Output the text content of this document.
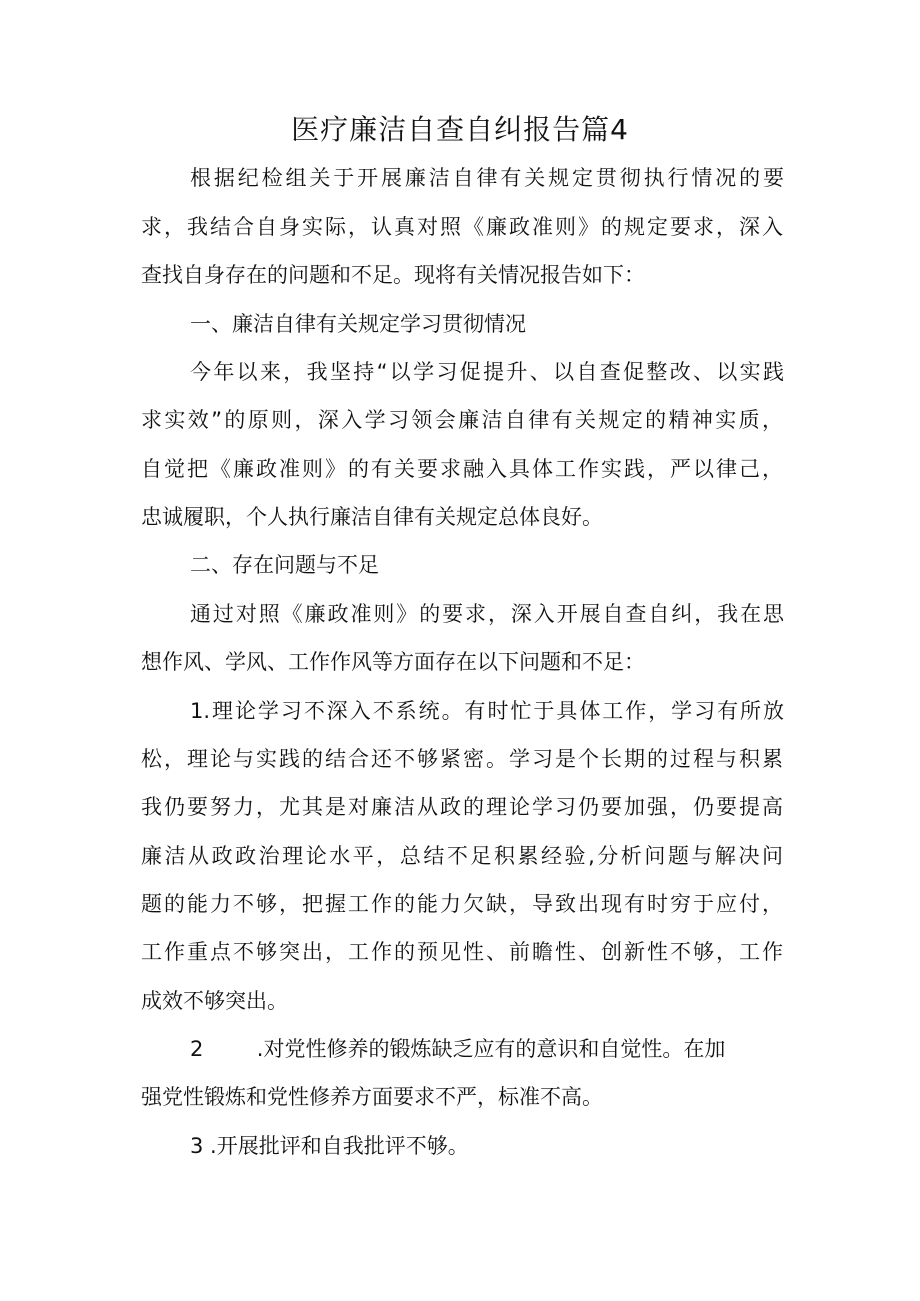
医疗廉洁自查自纠报告篇4
根据纪检组关于开展廉洁自律有关规定贯彻执行情况的要
求，我结合自身实际，认真对照《廉政准则》的规定要求，深入
查找自身存在的问题和不足。现将有关情况报告如下：
一、廉洁自律有关规定学习贯彻情况
今年以来，我坚持“以学习促提升、以自查促整改、以实践
求实效”的原则，深入学习领会廉洁自律有关规定的精神实质，
自觉把《廉政准则》的有关要求融入具体工作实践，严以律己，
忠诚履职，个人执行廉洁自律有关规定总体良好。
二、存在问题与不足
通过对照《廉政准则》的要求，深入开展自查自纠，我在思
想作风、学风、工作作风等方面存在以下问题和不足：
1.理论学习不深入不系统。有时忙于具体工作，学习有所放
松，理论与实践的结合还不够紧密。学习是个长期的过程与积累
我仍要努力，尤其是对廉洁从政的理论学习仍要加强，仍要提高
廉洁从政政治理论水平，总结不足积累经验,分析问题与解决问
题的能力不够，把握工作的能力欠缺，导致出现有时穷于应付，
工作重点不够突出，工作的预见性、前瞻性、创新性不够，工作
成效不够突出。
2        .对党性修养的锻炼缺乏应有的意识和自觉性。在加
强党性锻炼和党性修养方面要求不严，标准不高。
3 .开展批评和自我批评不够。
